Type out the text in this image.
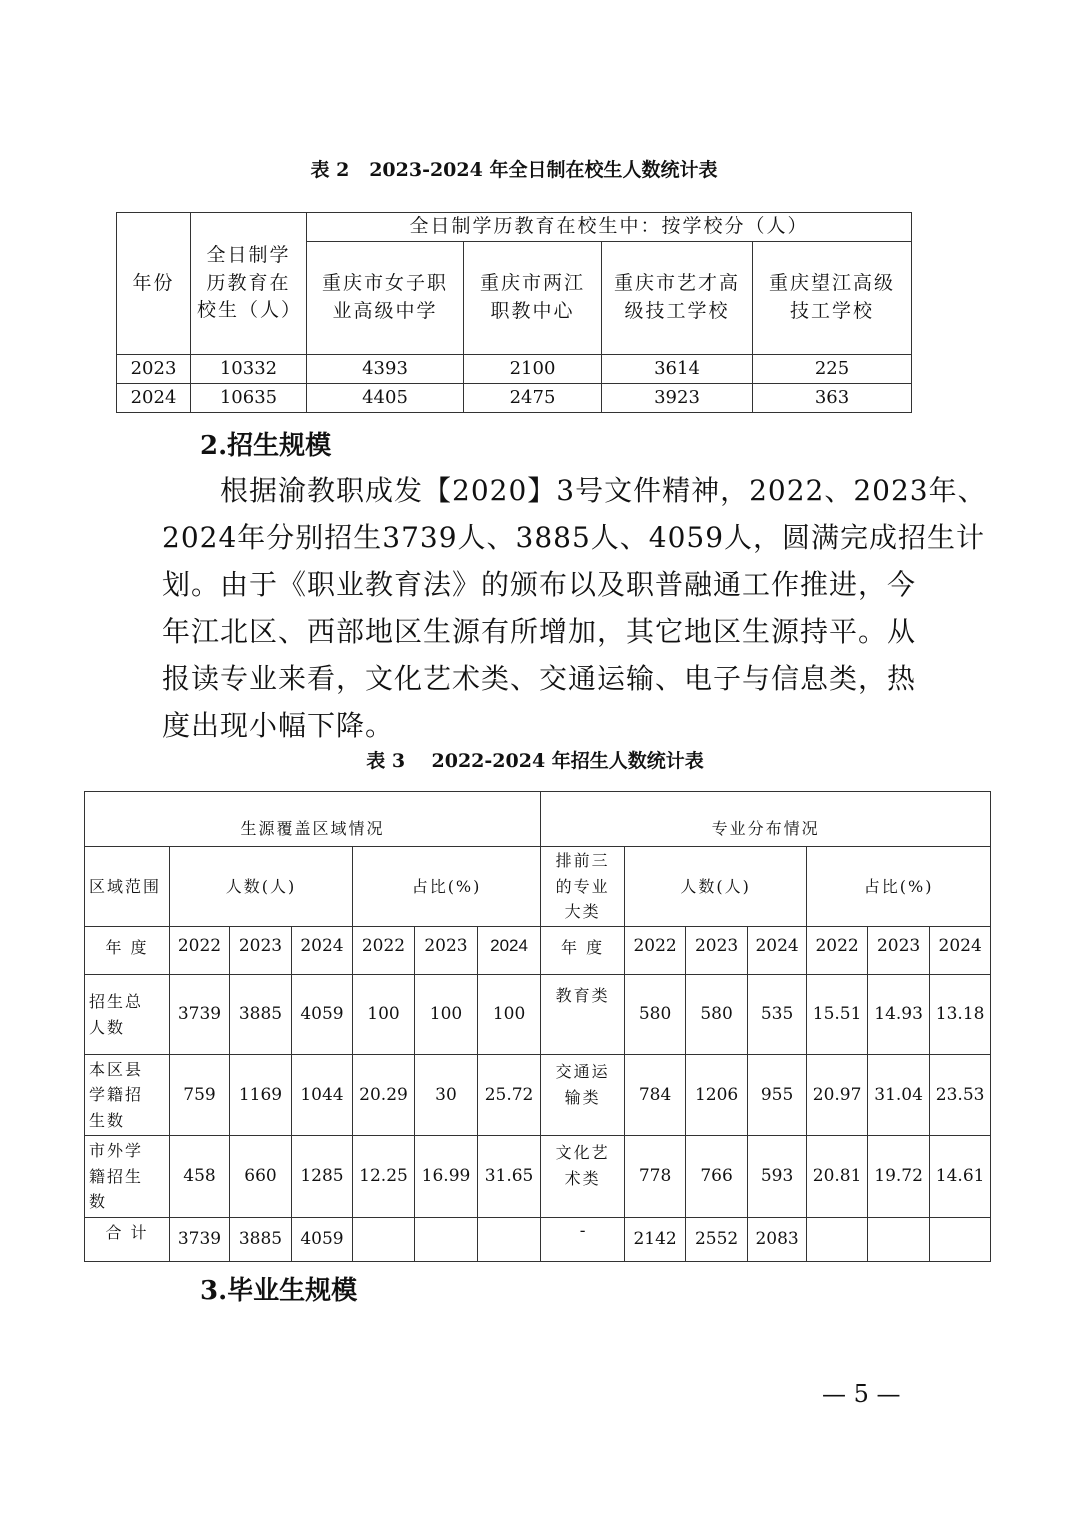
表 2   2023-2024 年全日制在校生人数统计表
年份	全日制学历教育在校生（人）	全日制学历教育在校生中：按学校分（人）			
		重庆市女子职业高级中学	重庆市两江职教中心	重庆市艺才高级技工学校	重庆望江高级技工学校
2023	10332	4393	2100	3614	225
2024	10635	4405	2475	3923	363
2.招生规模
根据渝教职成发【2020】3号文件精神，2022、2023年、
2024年分别招生3739人、3885人、4059人，圆满完成招生计
划。由于《职业教育法》的颁布以及职普融通工作推进，今
年江北区、西部地区生源有所增加，其它地区生源持平。从
报读专业来看，文化艺术类、交通运输、电子与信息类，热
度出现小幅下降。
表 3    2022-2024 年招生人数统计表
生源覆盖区域情况							专业分布情况						
区域范围	人数(人)			占比(%)			排前三的专业大类	人数(人)			占比(%)		
年 度	2022	2023	2024	2022	2023	2024	年 度	2022	2023	2024	2022	2023	2024
招生总人数	3739	3885	4059	100	100	100	教育类	580	580	535	15.51	14.93	13.18
本区县学籍招生数	759	1169	1044	20.29	30	25.72	交通运输类	784	1206	955	20.97	31.04	23.53
市外学籍招生数	458	660	1285	12.25	16.99	31.65	文化艺术类	778	766	593	20.81	19.72	14.61
合 计	3739	3885	4059				-	2142	2552	2083			
3.毕业生规模
— 5 —
